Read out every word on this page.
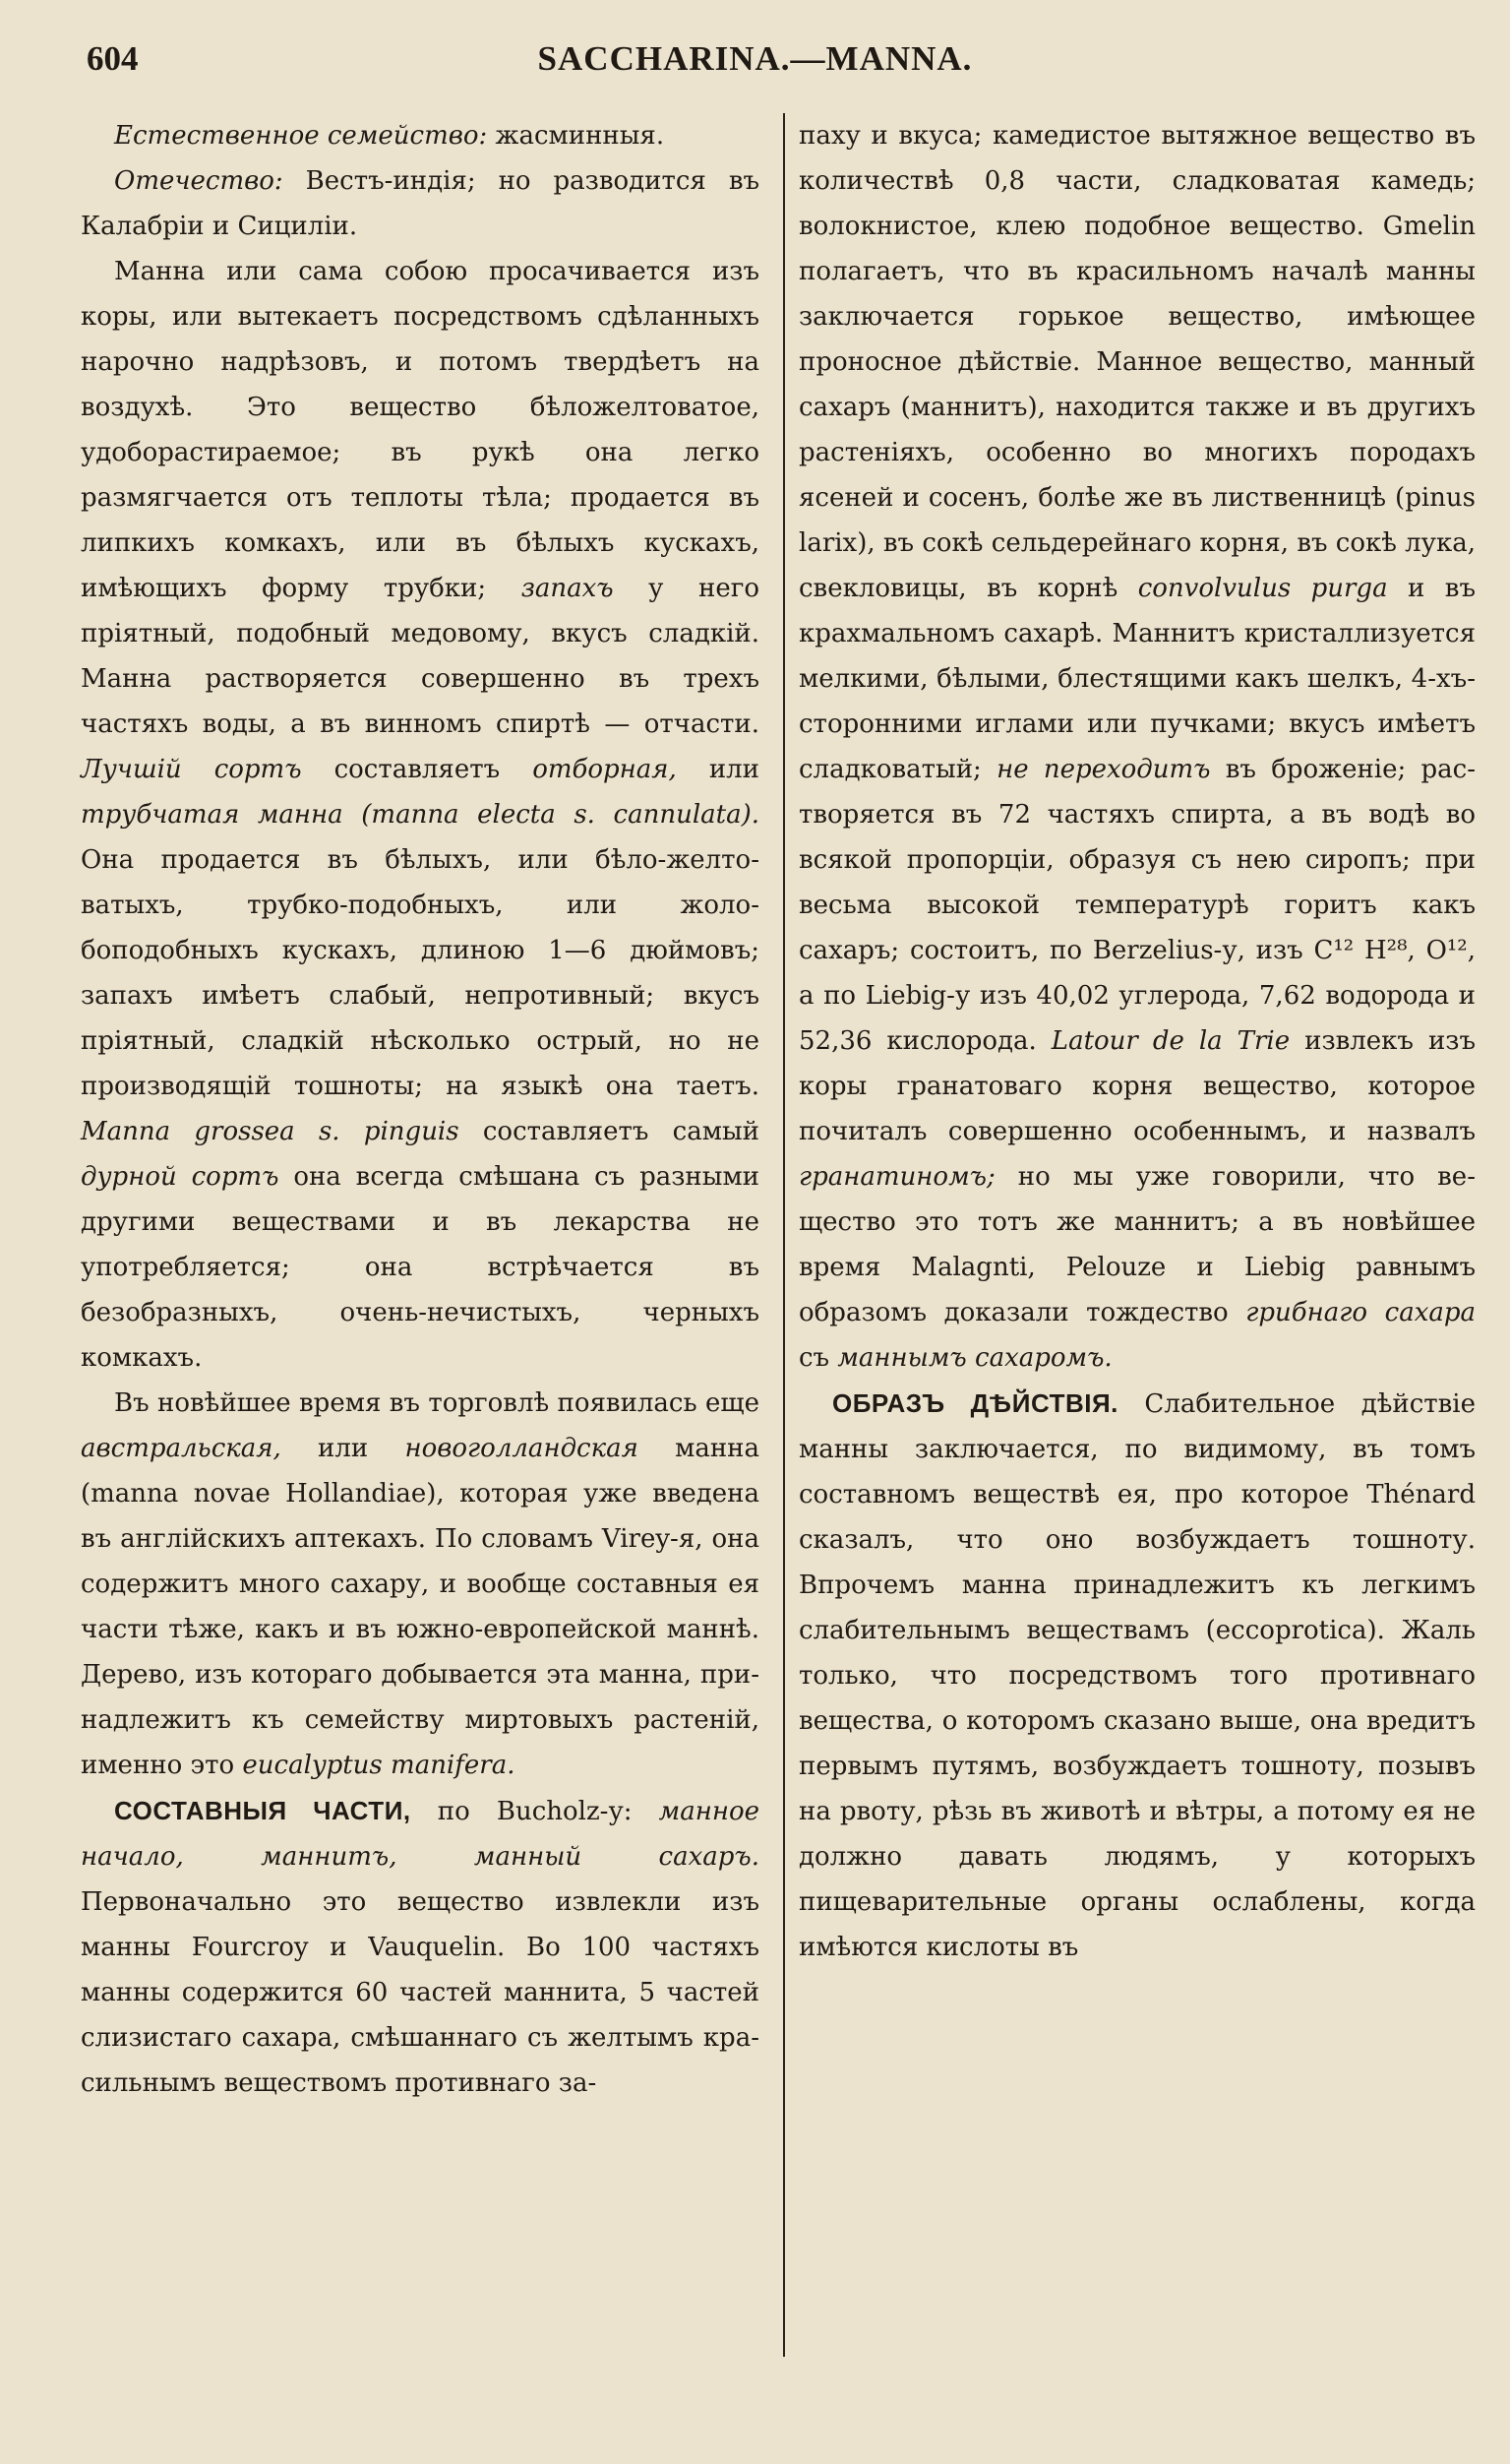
604	SACCHARINA.—MANNA.

Естественное семейство: жасминныя.

Отечество: Вестъ-индія; но разводится въ Калабріи и Сициліи.

Манна или сама собою просачивается изъ коры, или вытекаетъ посредствомъ сдѣланныхъ нарочно надрѣзовъ, и потомъ твердѣетъ на воздухѣ. Это вещество бѣложелтоватое, удоборастираемое; въ рукѣ она легко размягчается отъ теплоты тѣла; продается въ липкихъ комкахъ, или въ бѣлыхъ кускахъ, имѣющихъ форму трубки; запахъ у него пріятный, подобный медовому, вкусъ сладкій. Манна растворяется совершенно въ трехъ частяхъ воды, а въ винномъ спиртѣ — отчасти. Лучшій сортъ составляетъ отборная, или трубчатая манна (manna electa s. cannulata). Она продается въ бѣлыхъ, или бѣло-желтоватыхъ, трубко-подобныхъ, или жолобоподобныхъ кускахъ, длиною 1—6 дюймовъ; запахъ имѣетъ слабый, непротивный; вкусъ пріятный, сладкій нѣсколько острый, но не производящій тошноты; на языкѣ она таетъ. Manna grossea s. pinguis составляетъ самый дурной сортъ она всегда смѣшана съ разными другими веществами и въ лекарства не употребляется; она встрѣчается въ безобразныхъ, очень-нечистыхъ, черныхъ комкахъ.

Въ новѣйшее время въ торговлѣ появилась еще австральская, или новоголландская манна (manna novae Hollandiae), которая уже введена въ англійскихъ аптекахъ. По словамъ Virey-я, она содержитъ много сахару, и вообще составныя ея части тѣже, какъ и въ южно-европейской маннѣ. Дерево, изъ котораго добывается эта манна, принадлежитъ къ семейству миртовыхъ растеній, именно это eucalyptus manifera.

СОСТАВНЫЯ ЧАСТИ, по Bucholz-у: манное начало, маннитъ, манный сахаръ. Первоначально это вещество извлекли изъ манны Fourcroy и Vauquelin. Во 100 частяхъ манны содержится 60 частей маннита, 5 частей слизистаго сахара, смѣшаннаго съ желтымъ красильнымъ веществомъ противнаго за-

паху и вкуса; камедистое вытяжное вещество въ количествѣ 0,8 части, сладковатая камедь; волокнистое, клею подобное вещество. Gmelin полагаетъ, что въ красильномъ началѣ манны заключается горькое вещество, имѣющее проносное дѣйствіе. Манное вещество, манный сахаръ (маннитъ), находится также и въ другихъ растеніяхъ, особенно во многихъ породахъ ясеней и сосенъ, болѣе же въ лиственницѣ (pinus larix), въ сокѣ сельдерейнаго корня, въ сокѣ лука, свекловицы, въ корнѣ convolvulus purga и въ крахмальномъ сахарѣ. Маннитъ кристаллизуется мелкими, бѣлыми, блестящими какъ шелкъ, 4-хъ-сторонними иглами или пучками; вкусъ имѣетъ сладковатый; не переходитъ въ броженіе; растворяется въ 72 частяхъ спирта, а въ водѣ во всякой пропорціи, образуя съ нею сиропъ; при весьма высокой температурѣ горитъ какъ сахаръ; состоитъ, по Berzelius-у, изъ C¹² H²⁸, O¹², а по Liebig-у изъ 40,02 углерода, 7,62 водорода и 52,36 кислорода. Latour de la Trie извлекъ изъ коры гранатоваго корня вещество, которое почиталъ совершенно особеннымъ, и назвалъ гранатиномъ; но мы уже говорили, что вещество это тотъ же маннитъ; а въ новѣйшее время Malagnti, Pelouze и Liebig равнымъ образомъ доказали тождество грибнаго сахара съ маннымъ сахаромъ.

ОБРАЗЪ ДѢЙСТВІЯ. Слабительное дѣйствіе манны заключается, по видимому, въ томъ составномъ веществѣ ея, про которое Thénard сказалъ, что оно возбуждаетъ тошноту. Впрочемъ манна принадлежитъ къ легкимъ слабительнымъ веществамъ (eccoprotica). Жаль только, что посредствомъ того противнаго вещества, о которомъ сказано выше, она вредитъ первымъ путямъ, возбуждаетъ тошноту, позывъ на рвоту, рѣзь въ животѣ и вѣтры, а потому ея не должно давать людямъ, у которыхъ пищеварительные органы ослаблены, когда имѣются кислоты въ
